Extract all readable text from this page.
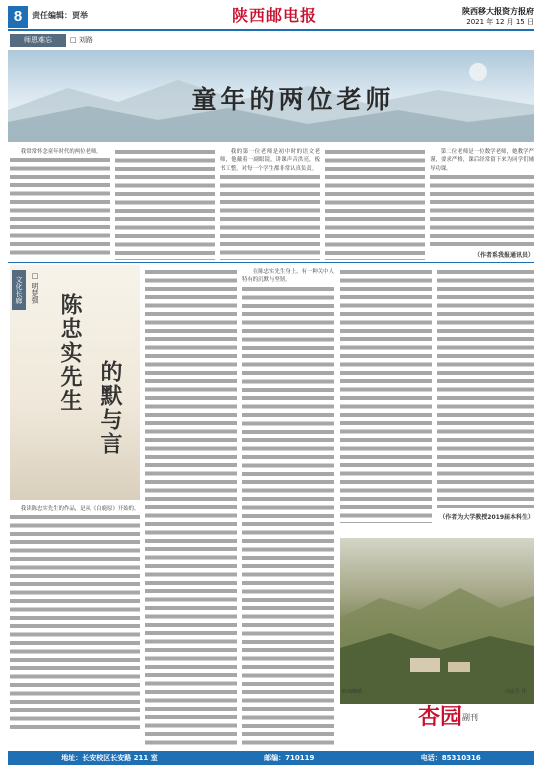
8	责任编辑：贾举	陕西邮电报	陕西移大报资方报府
2021 年 12 月 15 日
师恩难忘	□ 刘路
童年的两位老师

我常常怀念童年时代的两位老师。	我的第一位老师是初中时的语文老师，他戴着一副眼镜，讲课声音洪亮，板书工整，对每一个学生都非常认真负责。

第二位老师是一位数学老师，她教学严谨，要求严格，课后经常留下来为同学们辅导功课。

（作者系我报通讯员）
文化长廊	□ 明楚强
陈忠实先生 的默与言

我读陈忠实先生的作品，是从《白鹿原》开始的。

在陈忠实先生身上，有一种关中人特有的沉默与坚韧。

（作者为大学教授2019届本科生）
終南晚晴	冯民生 作
杏园 副刊
地址：长安校区长安路 211 室	邮编：710119	电话：85310316
